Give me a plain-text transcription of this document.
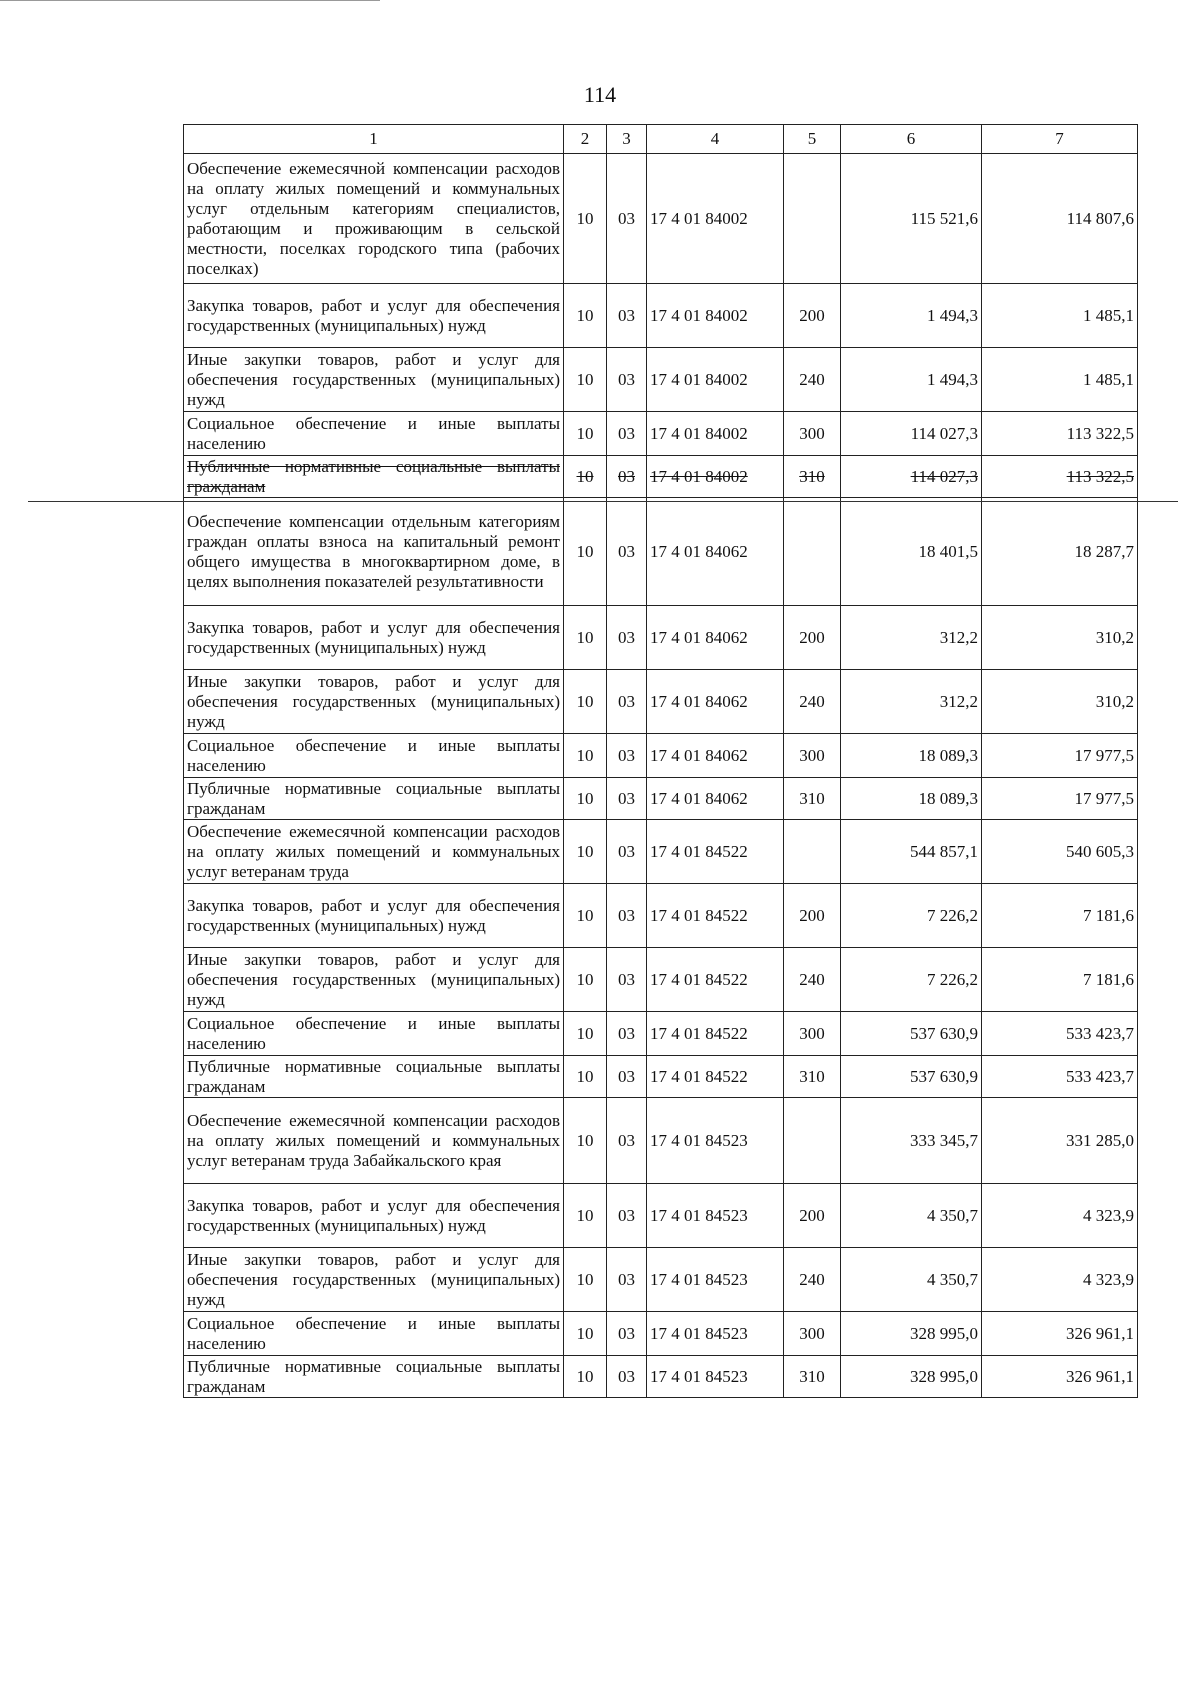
114
1	2	3	4	5	6	7
Обеспечение ежемесячной компенсации расходов на оплату жилых помещений и коммунальных услуг отдельным категориям специалистов, работающим и проживающим в сельской местности, поселках городского типа (рабочих поселках)	10	03	17 4 01 84002		115 521,6	114 807,6
Закупка товаров, работ и услуг для обеспечения государственных (муниципальных) нужд	10	03	17 4 01 84002	200	1 494,3	1 485,1
Иные закупки товаров, работ и услуг для обеспечения государственных (муниципальных) нужд	10	03	17 4 01 84002	240	1 494,3	1 485,1
Социальное обеспечение и иные выплаты населению	10	03	17 4 01 84002	300	114 027,3	113 322,5
Публичные нормативные социальные выплаты гражданам	10	03	17 4 01 84002	310	114 027,3	113 322,5
Обеспечение компенсации отдельным категориям граждан оплаты взноса на капитальный ремонт общего имущества в многоквартирном доме, в целях выполнения показателей результативности	10	03	17 4 01 84062		18 401,5	18 287,7
Закупка товаров, работ и услуг для обеспечения государственных (муниципальных) нужд	10	03	17 4 01 84062	200	312,2	310,2
Иные закупки товаров, работ и услуг для обеспечения государственных (муниципальных) нужд	10	03	17 4 01 84062	240	312,2	310,2
Социальное обеспечение и иные выплаты населению	10	03	17 4 01 84062	300	18 089,3	17 977,5
Публичные нормативные социальные выплаты гражданам	10	03	17 4 01 84062	310	18 089,3	17 977,5
Обеспечение ежемесячной компенсации расходов на оплату жилых помещений и коммунальных услуг ветеранам труда	10	03	17 4 01 84522		544 857,1	540 605,3
Закупка товаров, работ и услуг для обеспечения государственных (муниципальных) нужд	10	03	17 4 01 84522	200	7 226,2	7 181,6
Иные закупки товаров, работ и услуг для обеспечения государственных (муниципальных) нужд	10	03	17 4 01 84522	240	7 226,2	7 181,6
Социальное обеспечение и иные выплаты населению	10	03	17 4 01 84522	300	537 630,9	533 423,7
Публичные нормативные социальные выплаты гражданам	10	03	17 4 01 84522	310	537 630,9	533 423,7
Обеспечение ежемесячной компенсации расходов на оплату жилых помещений и коммунальных услуг ветеранам труда Забайкальского края	10	03	17 4 01 84523		333 345,7	331 285,0
Закупка товаров, работ и услуг для обеспечения государственных (муниципальных) нужд	10	03	17 4 01 84523	200	4 350,7	4 323,9
Иные закупки товаров, работ и услуг для обеспечения государственных (муниципальных) нужд	10	03	17 4 01 84523	240	4 350,7	4 323,9
Социальное обеспечение и иные выплаты населению	10	03	17 4 01 84523	300	328 995,0	326 961,1
Публичные нормативные социальные выплаты гражданам	10	03	17 4 01 84523	310	328 995,0	326 961,1
